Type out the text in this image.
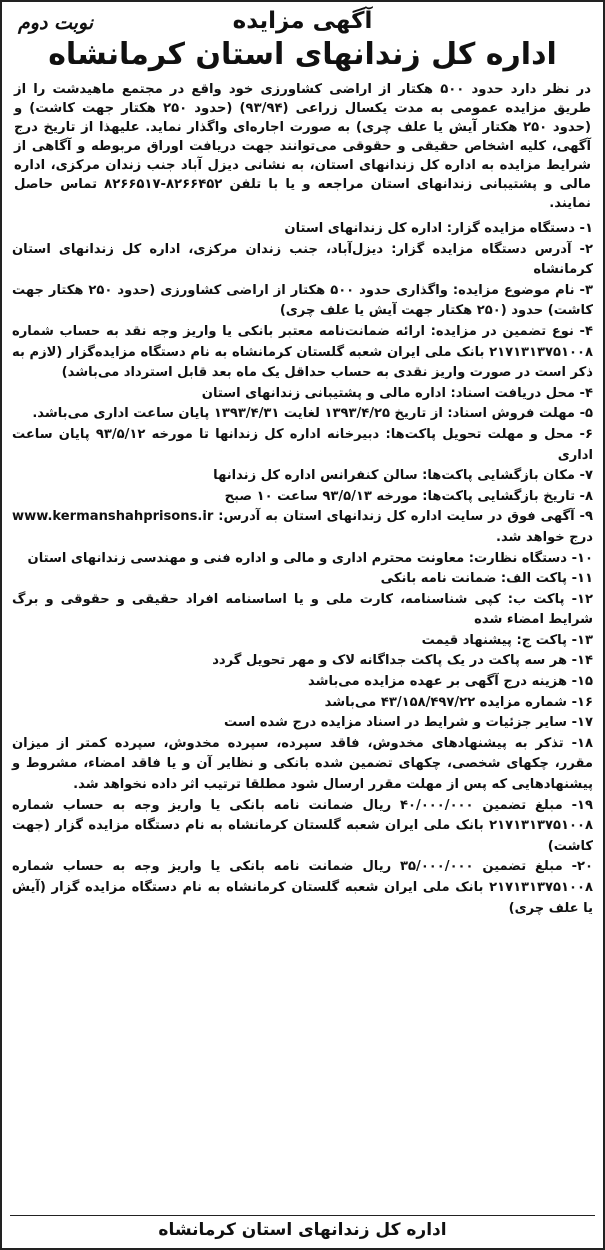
آگهی مزایده
نوبت دوم
اداره کل زندانهای استان کرمانشاه

در نظر دارد حدود ۵۰۰ هکتار از اراضی کشاورزی خود واقع در مجتمع ماهیدشت را از طریق مزایده عمومی به مدت یکسال زراعی (۹۳/۹۴) (حدود ۲۵۰ هکتار جهت کاشت) و (حدود ۲۵۰ هکتار آیش یا علف چری) به صورت اجاره‌ای واگذار نماید. علیهذا از تاریخ درج آگهی، کلیه اشخاص حقیقی و حقوقی می‌توانند جهت دریافت اوراق مربوطه و آگاهی از شرایط مزایده به اداره کل زندانهای استان، به نشانی دیزل آباد جنب زندان مرکزی، اداره مالی و پشتیبانی زندانهای استان مراجعه و یا با تلفن ۸۲۶۶۴۵۲-۸۲۶۶۵۱۷ تماس حاصل نمایند.

۱- دستگاه مزایده گزار: اداره کل زندانهای استان
۲- آدرس دستگاه مزایده گزار: دیزل‌آباد، جنب زندان مرکزی، اداره کل زندانهای استان کرمانشاه
۳- نام موضوع مزایده: واگذاری حدود ۵۰۰ هکتار از اراضی کشاورزی (حدود ۲۵۰ هکتار جهت کاشت) حدود (۲۵۰ هکتار جهت آیش یا علف چری)
۴- نوع تضمین در مزایده: ارائه ضمانت‌نامه معتبر بانکی یا واریز وجه نقد به حساب شماره ۲۱۷۱۳۱۳۷۵۱۰۰۸ بانک ملی ایران شعبه گلستان کرمانشاه به نام دستگاه مزایده‌گزار (لازم به ذکر است در صورت واریز نقدی به حساب حداقل یک ماه بعد قابل استرداد می‌باشد)
۴- محل دریافت اسناد: اداره مالی و پشتیبانی زندانهای استان
۵- مهلت فروش اسناد: از تاریخ ۱۳۹۳/۴/۲۵ لغایت ۱۳۹۳/۴/۳۱ پایان ساعت اداری می‌باشد.
۶- محل و مهلت تحویل پاکت‌ها: دبیرخانه اداره کل زندانها تا مورخه ۹۳/۵/۱۲ پایان ساعت اداری
۷- مکان بازگشایی پاکت‌ها: سالن کنفرانس اداره کل زندانها
۸- تاریخ بازگشایی پاکت‌ها: مورخه ۹۳/۵/۱۳ ساعت ۱۰ صبح
۹- آگهی فوق در سایت اداره کل زندانهای استان به آدرس: www.kermanshahprisons.ir درج خواهد شد.
۱۰- دستگاه نظارت: معاونت محترم اداری و مالی و اداره فنی و مهندسی زندانهای استان
۱۱- پاکت الف: ضمانت نامه بانکی
۱۲- پاکت ب: کپی شناسنامه، کارت ملی و یا اساسنامه افراد حقیقی و حقوقی و برگ شرایط امضاء شده
۱۳- پاکت ج: پیشنهاد قیمت
۱۴- هر سه پاکت در یک پاکت جداگانه لاک و مهر تحویل گردد
۱۵- هزینه درج آگهی بر عهده مزایده می‌باشد
۱۶- شماره مزایده ۴۳/۱۵۸/۴۹۷/۲۲ می‌باشد
۱۷- سایر جزئیات و شرایط در اسناد مزایده درج شده است
۱۸- تذکر به پیشنهادهای مخدوش، فاقد سپرده، سپرده مخدوش، سپرده کمتر از میزان مقرر، چکهای شخصی، چکهای تضمین شده بانکی و نظایر آن و یا فاقد امضاء، مشروط و پیشنهادهایی که پس از مهلت مقرر ارسال شود مطلقا ترتیب اثر داده نخواهد شد.
۱۹- مبلغ تضمین ۴۰/۰۰۰/۰۰۰ ریال ضمانت نامه بانکی یا واریز وجه به حساب شماره ۲۱۷۱۳۱۳۷۵۱۰۰۸ بانک ملی ایران شعبه گلستان کرمانشاه به نام دستگاه مزایده گزار (جهت کاشت)
۲۰- مبلغ تضمین ۳۵/۰۰۰/۰۰۰ ریال ضمانت نامه بانکی یا واریز وجه به حساب شماره ۲۱۷۱۳۱۳۷۵۱۰۰۸ بانک ملی ایران شعبه گلستان کرمانشاه به نام دستگاه مزایده گزار (آیش یا علف چری)
اداره کل زندانهای استان کرمانشاه
